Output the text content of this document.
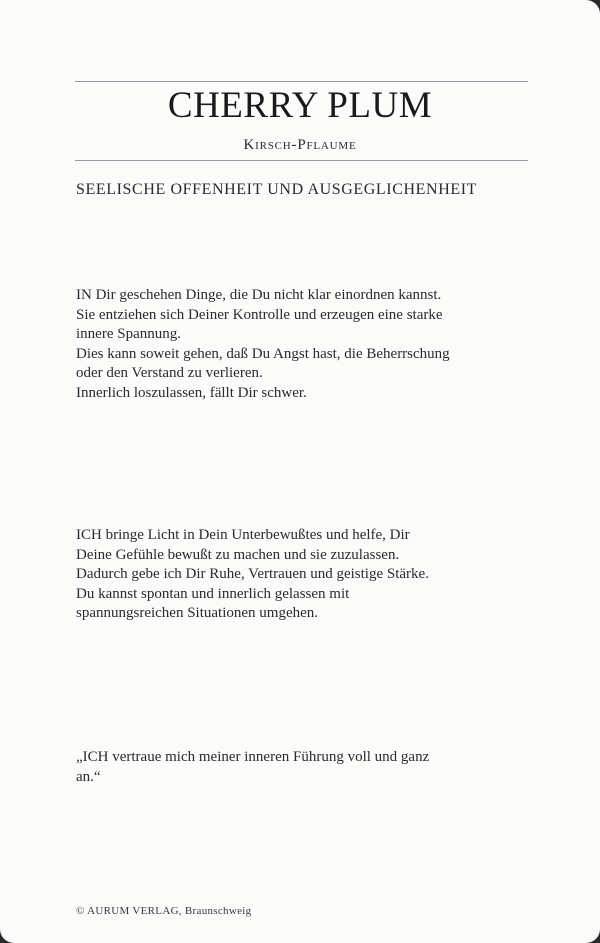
CHERRY PLUM
Kirsch-Pflaume
SEELISCHE OFFENHEIT UND AUSGEGLICHENHEIT
IN Dir geschehen Dinge, die Du nicht klar einordnen kannst.
Sie entziehen sich Deiner Kontrolle und erzeugen eine starke
innere Spannung.
Dies kann soweit gehen, daß Du Angst hast, die Beherrschung
oder den Verstand zu verlieren.
Innerlich loszulassen, fällt Dir schwer.
ICH bringe Licht in Dein Unterbewußtes und helfe, Dir
Deine Gefühle bewußt zu machen und sie zuzulassen.
Dadurch gebe ich Dir Ruhe, Vertrauen und geistige Stärke.
Du kannst spontan und innerlich gelassen mit
spannungsreichen Situationen umgehen.
„ICH vertraue mich meiner inneren Führung voll und ganz
an.“
© AURUM VERLAG, Braunschweig
